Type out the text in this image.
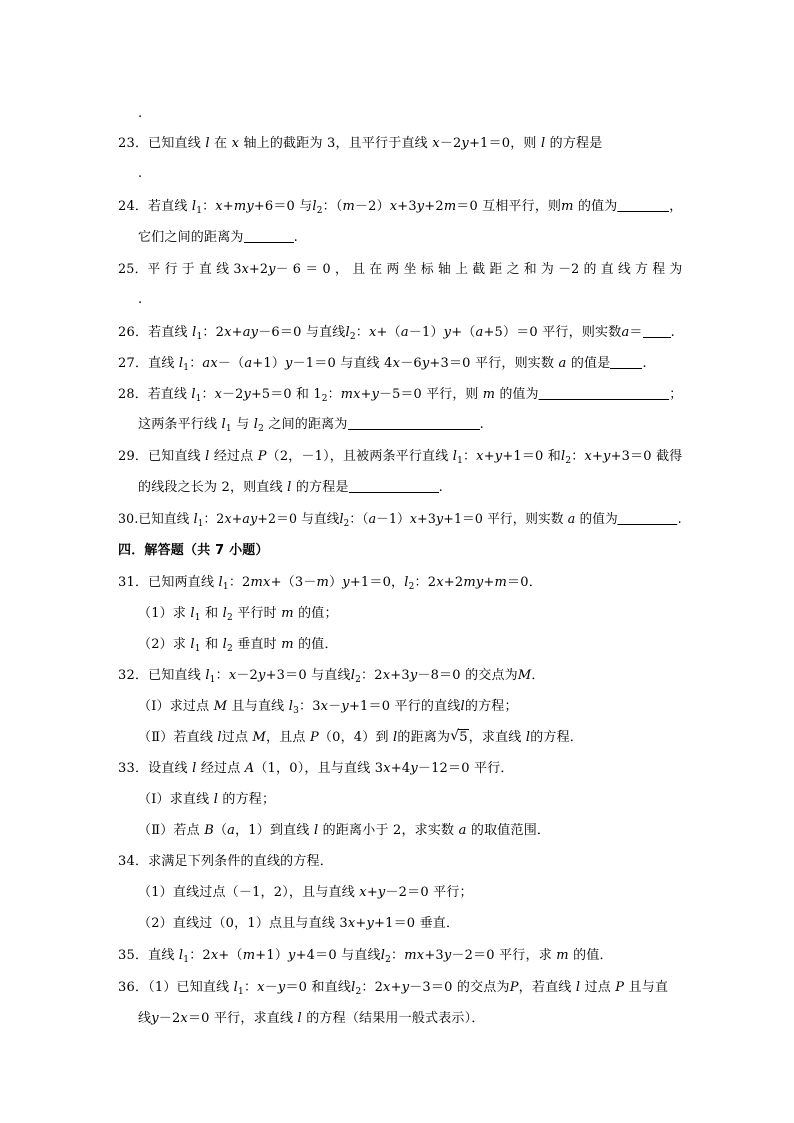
.
23．已知直线 l 在 x 轴上的截距为 3，且平行于直线 x－2y+1＝0，则 l 的方程是
.
24．若直线 $l_1$：x+my+6＝0 与$l_2$：（m－2）x+3y+2m＝0 互相平行，则m 的值为	，
它们之间的距离为	.
25．平 行 于 直 线 3x+2y－ 6 ＝ 0 ， 且 在 两 坐 标 轴 上 截 距 之 和 为 －2 的 直 线 方 程 为
.
26．若直线 $l_1$：2x+ay－6＝0 与直线$l_2$：x+（a－1）y+（a+5）＝0 平行，则实数a＝ .
27．直线 $l_1$：ax－（a+1）y－1＝0 与直线 4x－6y+3＝0 平行，则实数 a 的值是 .
28．若直线 $l_1$：x－2y+5＝0 和 $1_2$：mx+y－5＝0 平行，则 m 的值为	；
这两条平行线 $l_1$ 与 $l_2$ 之间的距离为	.
29．已知直线 l 经过点 P（2，－1），且被两条平行直线 $l_1$：x+y+1＝0 和$l_2$：x+y+3＝0 截得
的线段之长为 2，则直线 l 的方程是	.
30.已知直线 $l_1$：2x+ay+2＝0 与直线$l_2$：（a－1）x+3y+1＝0 平行，则实数 a 的值为	.
四．解答题（共 7 小题）
31．已知两直线 $l_1$：2mx+（3－m）y+1＝0，$l_2$：2x+2my+m＝0．
（1）求 $l_1$ 和 $l_2$ 平行时 m 的值；
（2）求 $l_1$ 和 $l_2$ 垂直时 m 的值．
32．已知直线 $l_1$：x－2y+3＝0 与直线$l_2$：2x+3y－8＝0 的交点为M．
（Ⅰ）求过点 M 且与直线 $l_3$：3x－y+1＝0 平行的直线l的方程；
（Ⅱ）若直线 l过点 M，且点 P（0，4）到 l的距离为 √ 5，求直线 l的方程．
33．设直线 l 经过点 A（1，0），且与直线 3x+4y－12＝0 平行．
（Ⅰ）求直线 l 的方程；
（Ⅱ）若点 B（a，1）到直线 l 的距离小于 2，求实数 a 的取值范围．
34．求满足下列条件的直线的方程．
（1）直线过点（－1，2），且与直线 x+y－2＝0 平行；
（2）直线过（0，1）点且与直线 3x+y+1＝0 垂直．
35．直线 $l_1$：2x+（m+1）y+4＝0 与直线$l_2$：mx+3y－2＝0 平行，求 m 的值．
36．（1）已知直线 $l_1$：x－y＝0 和直线$l_2$：2x+y－3＝0 的交点为P，若直线 l 过点 P 且与直
线y－2x＝0 平行，求直线 l 的方程（结果用一般式表示）．
